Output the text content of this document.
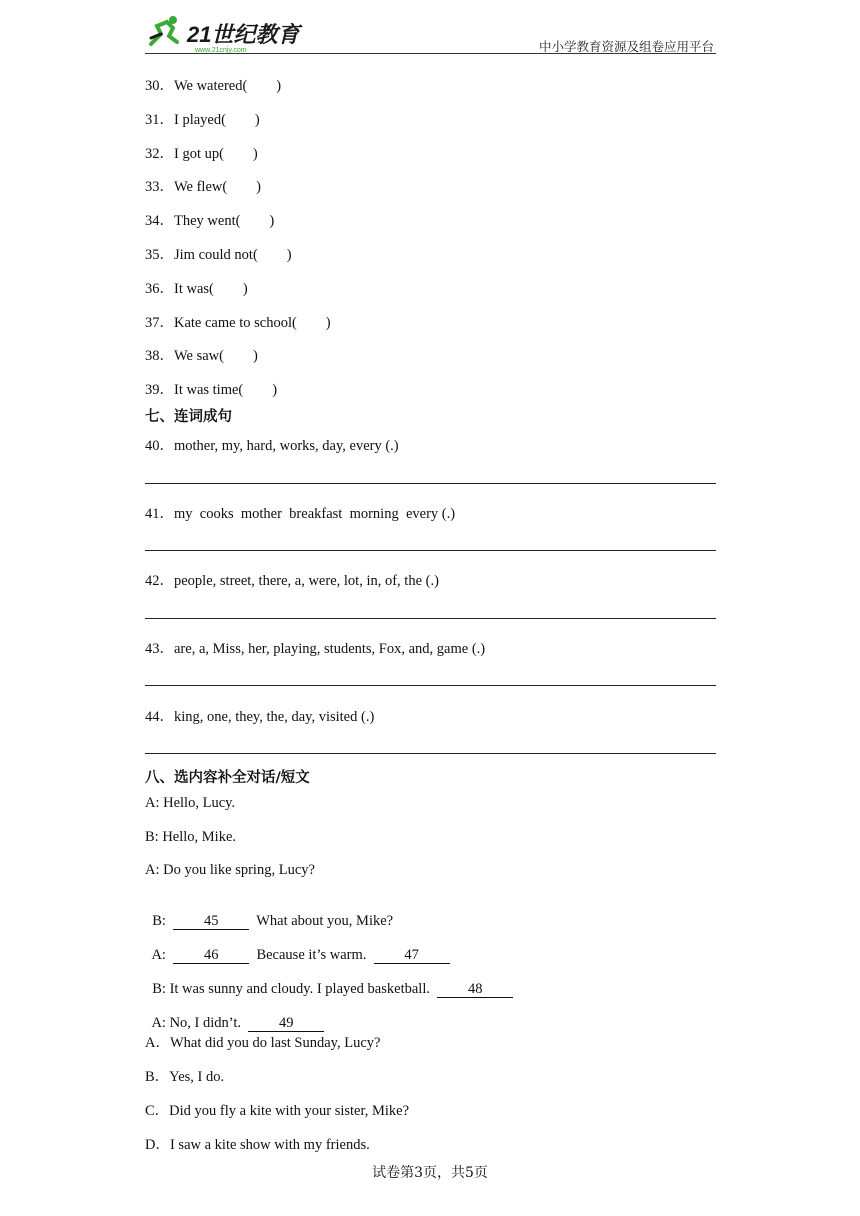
21世纪教育
www.21cnjy.com	中小学教育资源及组卷应用平台
30．We watered(        )
31．I played(        )
32．I got up(        )
33．We flew(        )
34．They went(        )
35．Jim could not(        )
36．It was(        )
37．Kate came to school(        )
38．We saw(        )
39．It was time(        )
七、连词成句
40．mother, my, hard, works, day, every (.)
41．my  cooks  mother  breakfast  morning  every (.)
42．people, street, there, a, were, lot, in, of, the (.)
43．are, a, Miss, her, playing, students, Fox, and, game (.)
44．king, one, they, the, day, visited (.)
八、选内容补全对话/短文
A: Hello, Lucy.
B: Hello, Mike.
A: Do you like spring, Lucy?

B:  45  What about you, Mike?

A:  46  Because it’s warm.  47

B: It was sunny and cloudy. I played basketball.  48

A: No, I didn’t.  49

A．What did you do last Sunday, Lucy?
B．Yes, I do.
C．Did you fly a kite with your sister, Mike?
D．I saw a kite show with my friends.
试卷第3页，共5页
